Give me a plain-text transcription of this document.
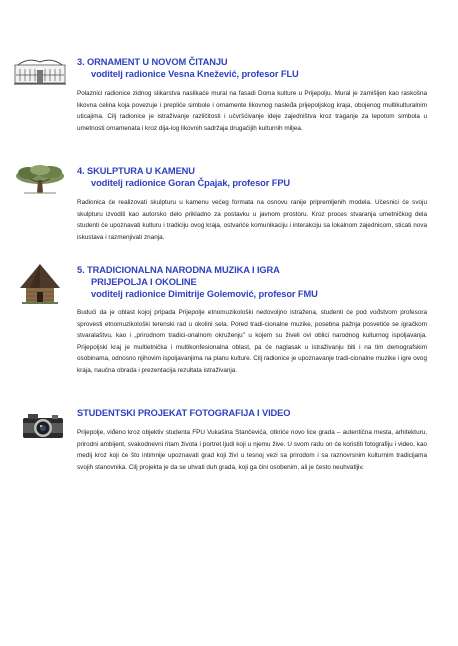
3. ORNAMENT U NOVOM ČITANJU
voditelj radionice Vesna Knežević, profesor FLU

Polaznici radionice zidnog slikarstva naslikaće mural na fasadi Doma kulture u Prijepolju. Mural je zamišljen kao raskošna likovna celina koja povezuje i prepliće simbole i ornamente likovnog nasleđa prijepoljskog kraja, obojenog multikulturalnim uticajima. Cilj radionice je istraživanje različitosti i učvršćivanje ideje zajedništva kroz traganje za lepotom simbola u umetnosti ornamenata i kroz dija-log likovnih sadržaja drugačijih kulturnih milјea.

4. SKULPTURA U KAMENU
voditelj radionice Goran Čpajak, profesor FPU

Radionica će realizovati skulpturu u kamenu većeg formata na osnovu ranije pripremljenih modela. Učesnici će svoju skulpturu izvoditi kao autorsko delo prikladno za postavku u javnom prostoru. Kroz proces stvaranja umetničkog dela studenti će upoznavati kulturu i tradiciju ovog kraja, ostvariće komunikaciju i interakciju sa lokalnom zajednicom, sticati nova iskustava i razmenjivati znanja.

5. TRADICIONALNA NARODNA MUZIKA I IGRA
PRIJEPOLJA I OKOLINE
voditelj radionice Dimitrije Golemović, profesor FMU

Budući da je oblast kojoj pripada Prijepolje etnomuzikološki nedovoljno istražena, studenti će pod vođstvom profesora sprovesti etnomuzikološki terenski rad u okolini sela. Pored tradi-cionalne muzike, posebna pažnja posvetiće se igračkom stvaralaštvu, kao i „prirodnom tradici-onalnom okruženju" u kojem su živeli ovi oblici narodnog kulturnog ispoljavanja. Prijepoljski kraj je multietnička i multikonfesionalna oblast, pa će naglasak u istraživanju biti i na tim demografskim osobinama, odnosno njihovim ispoljavanjima na planu kulture. Cilj radionice je upoznavanje tradi-cionalne muzike i igre ovog kraja, naučna obrada i prezentacija rezultata istraživanja.

STUDENTSKI PROJEKAT FOTOGRAFIJA I VIDEO

Prijepolje, viđeno kroz objektiv studenta FPU Vukašina Stančevića, otkriće novo lice grada – autentična mesta, arhitekturu, prirodni ambijent, svakodnevni ritam života i portret ljudi koji u njemu žive. U svom radu on će koristiti fotografiju i video, kao medij kroz koji će što intimnije upoznavati grad koji živi u tesnoj vezi sa prirodom i sa raznovrsnim kulturnim tradicijama svojih stanovnika. Cilj projekta je da se uhvati duh grada, koji ga čini osobenim, ali je često neuhvatljiv.
